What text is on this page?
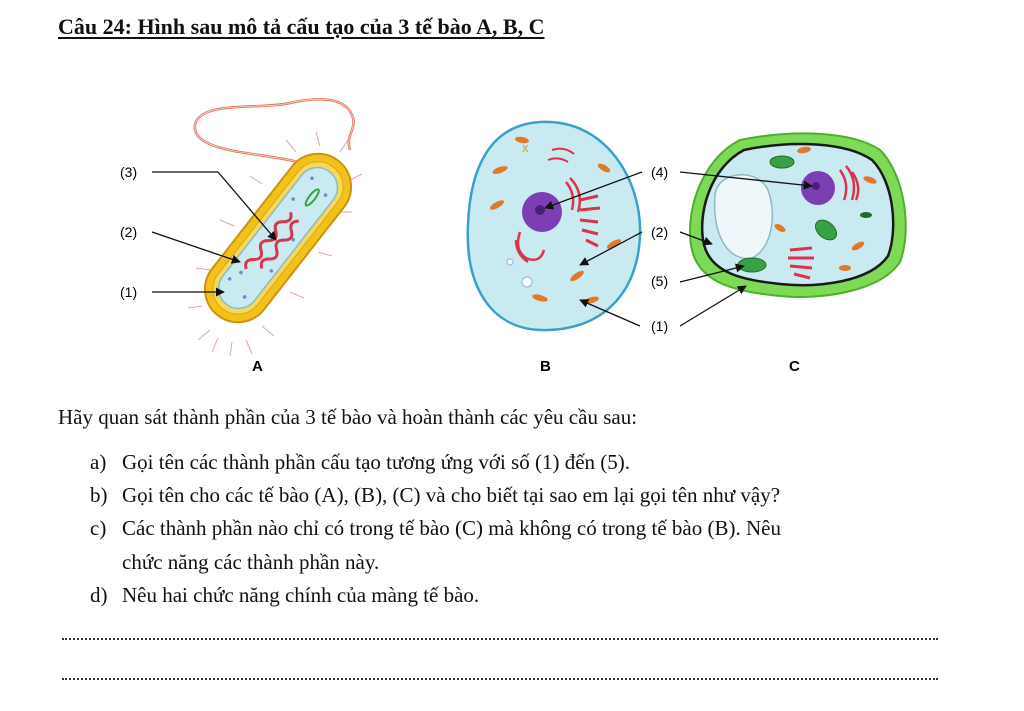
Câu 24: Hình sau mô tả cấu tạo của 3 tế bào A, B, C
(3)
(2)
(1)
A
x
B	C
(4)
(2)
(5)
(1)
Hãy quan sát thành phần của 3 tế bào và hoàn thành các yêu cầu sau:
a) Gọi tên các thành phần cấu tạo tương ứng với số (1) đến (5).
b) Gọi tên cho các tế bào (A), (B), (C) và cho biết tại sao em lại gọi tên như vậy?
c) Các thành phần nào chỉ có trong tế bào (C) mà không có trong tế bào (B). Nêu
chức năng các thành phần này.
d) Nêu hai chức năng chính của màng tế bào.
